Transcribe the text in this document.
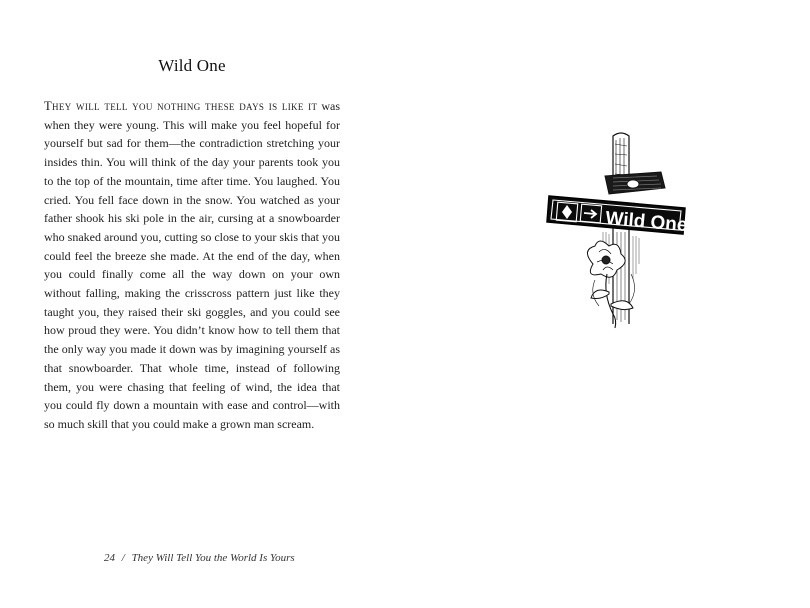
Wild One

They will tell you nothing these days is like it was when they were young. This will make you feel hopeful for yourself but sad for them—the contradiction stretching your insides thin. You will think of the day your parents took you to the top of the mountain, time after time. You laughed. You cried. You fell face down in the snow. You watched as your father shook his ski pole in the air, cursing at a snowboarder who snaked around you, cutting so close to your skis that you could feel the breeze she made. At the end of the day, when you could finally come all the way down on your own without falling, making the crisscross pattern just like they taught you, they raised their ski goggles, and you could see how proud they were. You didn’t know how to tell them that the only way you made it down was by imagining yourself as that snowboarder. That whole time, instead of following them, you were chasing that feeling of wind, the idea that you could fly down a mountain with ease and control—with so much skill that you could make a grown man scream.

24 / They Will Tell You the World Is Yours
Wild One
